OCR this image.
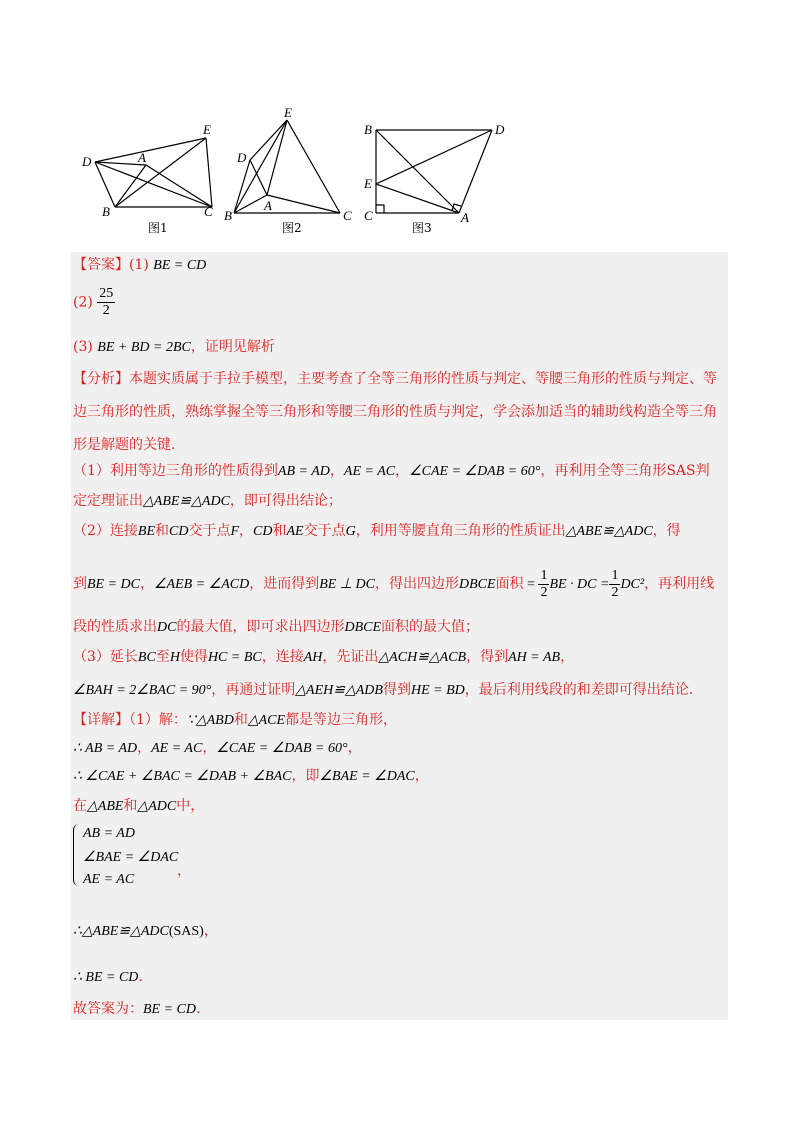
D	A
E
B	C
图1
E
D
A
B	C
图2
B	D
E
C	A
图3
【答案】(1) BE = CD
$(2) \frac{25}{2}$
(3) BE + BD = 2BC，证明见解析
【分析】本题实质属于手拉手模型，主要考查了全等三角形的性质与判定、等腰三角形的性质与判定、等
边三角形的性质，熟练掌握全等三角形和等腰三角形的性质与判定，学会添加适当的辅助线构造全等三角
形是解题的关键.
（1）利用等边三角形的性质得到AB = AD，AE = AC，∠CAE = ∠DAB = 60°，再利用全等三角形SAS判
定定理证出△ABE≌△ADC，即可得出结论；
（2）连接BE和CD交于点F，CD和AE交于点G，利用等腰直角三角形的性质证出△ABE≌△ADC，得
到BE = DC，∠AEB = ∠ACD，进而得到BE ⊥ DC，得出四边形DBCE面积 = $\frac{1}{2}$ BE · DC = $\frac{1}{2} DC^2$，再利用线
段的性质求出DC的最大值，即可求出四边形DBCE面积的最大值；
（3）延长BC至H使得HC = BC，连接AH，先证出△ACH≌△ACB，得到AH = AB，
∠BAH = 2∠BAC = 90°，再通过证明△AEH≌△ADB得到HE = BD，最后利用线段的和差即可得出结论.
【详解】（1）解：∵△ABD和△ACE都是等边三角形，
∴ AB = AD，AE = AC，∠CAE = ∠DAB = 60°，
∴ ∠CAE + ∠BAC = ∠DAB + ∠BAC，即∠BAE = ∠DAC，
在△ABE和△ADC中，
AB = AD
∠BAE = ∠DAC
AE = AC
，
∴△ABE≌△ADC(SAS)，
∴ BE = CD.
故答案为：BE = CD.
